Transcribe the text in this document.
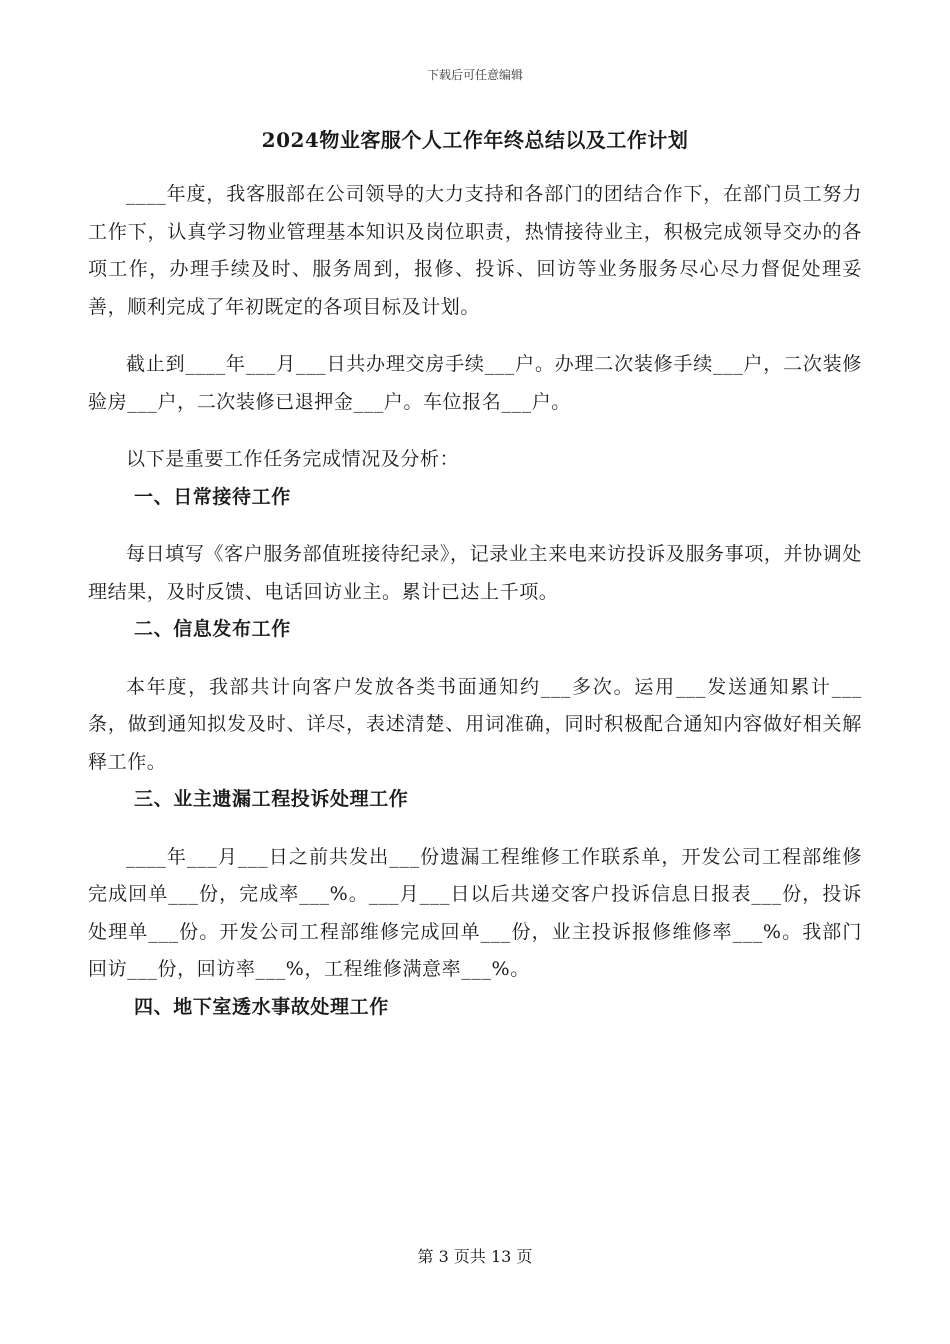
下载后可任意编辑
2024物业客服个人工作年终总结以及工作计划

____年度，我客服部在公司领导的大力支持和各部门的团结合作下，在部门员工努力工作下，认真学习物业管理基本知识及岗位职责，热情接待业主，积极完成领导交办的各项工作，办理手续及时、服务周到，报修、投诉、回访等业务服务尽心尽力督促处理妥善，顺利完成了年初既定的各项目标及计划。

截止到____年___月___日共办理交房手续___户。办理二次装修手续___户，二次装修验房___户，二次装修已退押金___户。车位报名___户。

以下是重要工作任务完成情况及分析：

一、日常接待工作

每日填写《客户服务部值班接待纪录》，记录业主来电来访投诉及服务事项，并协调处理结果，及时反馈、电话回访业主。累计已达上千项。

二、信息发布工作

本年度，我部共计向客户发放各类书面通知约___多次。运用___发送通知累计___条，做到通知拟发及时、详尽，表述清楚、用词准确，同时积极配合通知内容做好相关解释工作。

三、业主遗漏工程投诉处理工作

____年___月___日之前共发出___份遗漏工程维修工作联系单，开发公司工程部维修完成回单___份，完成率___%。___月___日以后共递交客户投诉信息日报表___份，投诉处理单___份。开发公司工程部维修完成回单___份，业主投诉报修维修率___%。我部门回访___份，回访率___%，工程维修满意率___%。

四、地下室透水事故处理工作

第 3 页共 13 页
